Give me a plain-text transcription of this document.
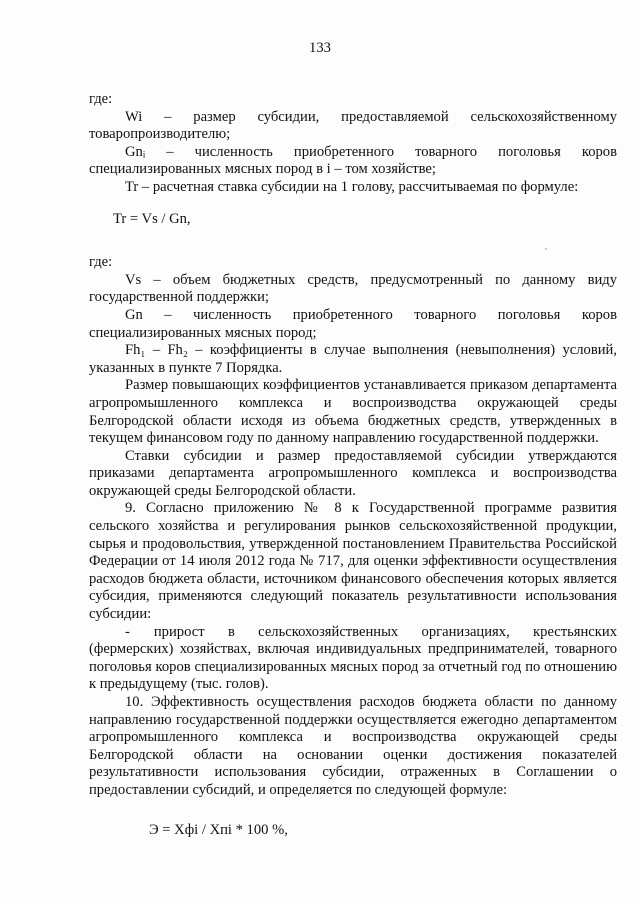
133

где:

Wi – размер субсидии, предоставляемой сельскохозяйственному товаропроизводителю;

Gnᵢ – численность приобретенного товарного поголовья коров специализированных мясных пород в i – том хозяйстве;

Tr – расчетная ставка субсидии на 1 голову, рассчитываемая по формуле:

Tr = Vs / Gn,

где:

Vs – объем бюджетных средств, предусмотренный по данному виду государственной поддержки;

Gn – численность приобретенного товарного поголовья коров специализированных мясных пород;

Fh₁ – Fh₂ – коэффициенты в случае выполнения (невыполнения) условий, указанных в пункте 7 Порядка.

Размер повышающих коэффициентов устанавливается приказом департамента агропромышленного комплекса и воспроизводства окружающей среды Белгородской области исходя из объема бюджетных средств, утвержденных в текущем финансовом году по данному направлению государственной поддержки.

Ставки субсидии и размер предоставляемой субсидии утверждаются приказами департамента агропромышленного комплекса и воспроизводства окружающей среды Белгородской области.

9. Согласно приложению № 8 к Государственной программе развития сельского хозяйства и регулирования рынков сельскохозяйственной продукции, сырья и продовольствия, утвержденной постановлением Правительства Российской Федерации от 14 июля 2012 года № 717, для оценки эффективности осуществления расходов бюджета области, источником финансового обеспечения которых является субсидия, применяются следующий показатель результативности использования субсидии:

- прирост в сельскохозяйственных организациях, крестьянских (фермерских) хозяйствах, включая индивидуальных предпринимателей, товарного поголовья коров специализированных мясных пород за отчетный год по отношению к предыдущему (тыс. голов).

10. Эффективность осуществления расходов бюджета области по данному направлению государственной поддержки осуществляется ежегодно департаментом агропромышленного комплекса и воспроизводства окружающей среды Белгородской области на основании оценки достижения показателей результативности использования субсидии, отраженных в Соглашении о предоставлении субсидий, и определяется по следующей формуле:

Э = Xфi / Xпi * 100 %,
